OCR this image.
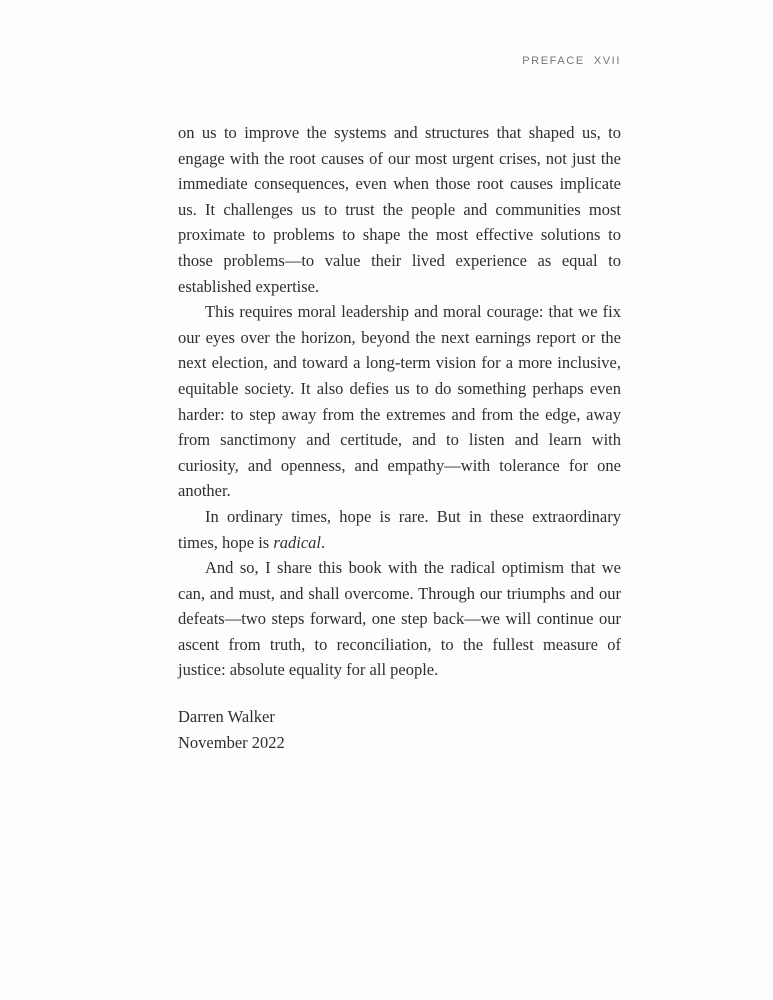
PREFACE XVII

on us to improve the systems and structures that shaped us, to engage with the root causes of our most urgent crises, not just the immediate consequences, even when those root causes implicate us. It challenges us to trust the people and communities most proximate to problems to shape the most effective solutions to those problems—to value their lived experience as equal to established expertise.

This requires moral leadership and moral courage: that we fix our eyes over the horizon, beyond the next earnings report or the next election, and toward a long-term vision for a more inclusive, equitable society. It also defies us to do something perhaps even harder: to step away from the extremes and from the edge, away from sanctimony and certitude, and to listen and learn with curiosity, and openness, and empathy—with tolerance for one another.

In ordinary times, hope is rare. But in these extraordinary times, hope is radical.

And so, I share this book with the radical optimism that we can, and must, and shall overcome. Through our triumphs and our defeats—two steps forward, one step back—we will continue our ascent from truth, to reconciliation, to the fullest measure of justice: absolute equality for all people.

Darren Walker
November 2022
